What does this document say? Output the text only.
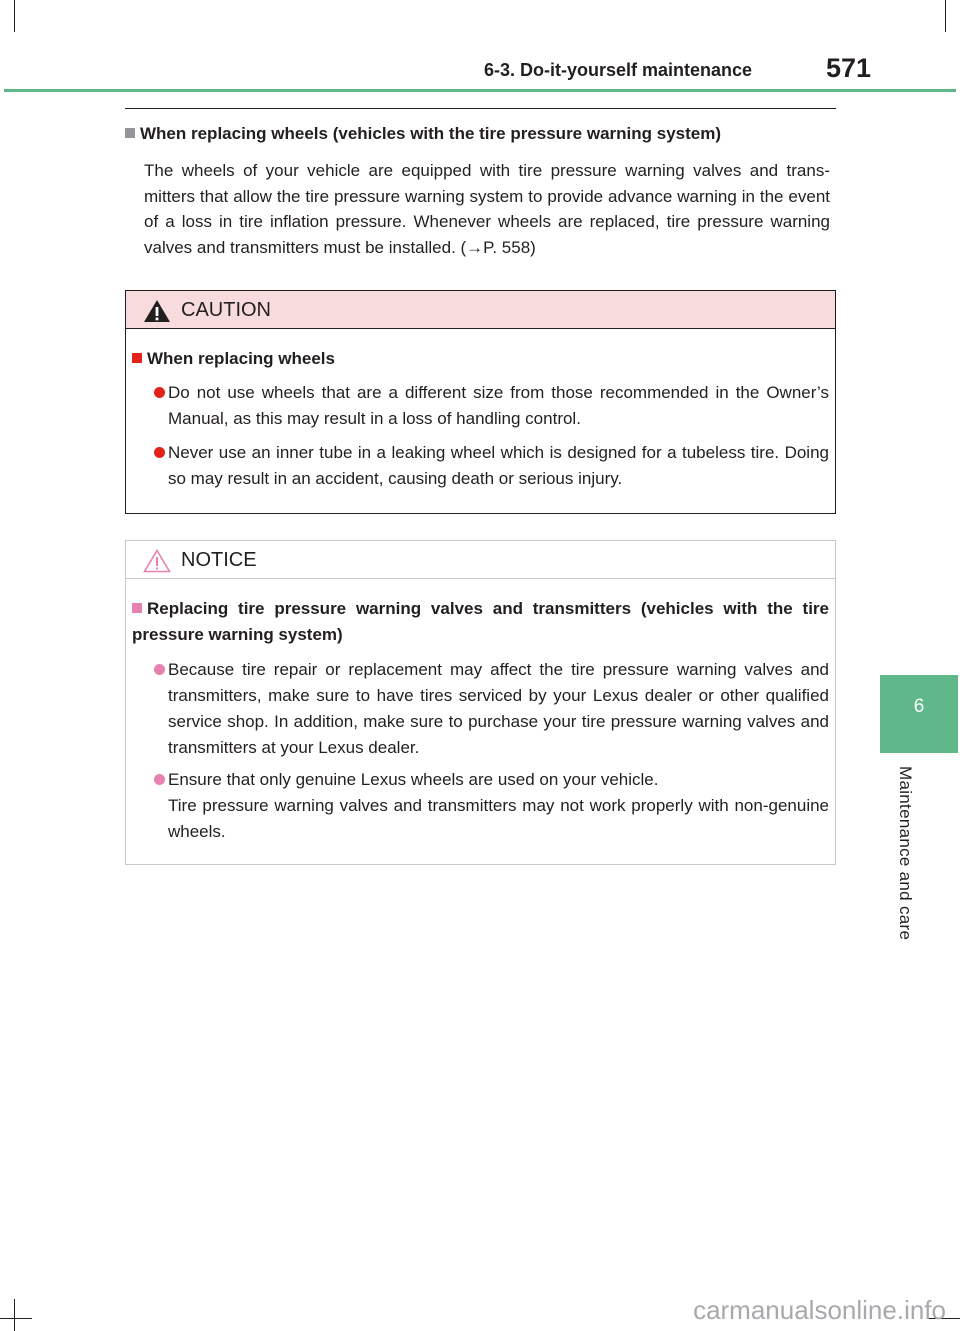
6-3. Do-it-yourself maintenance	571
6
Maintenance and care
When replacing wheels (vehicles with the tire pressure warning system)
The wheels of your vehicle are equipped with tire pressure warning valves and trans-mitters that allow the tire pressure warning system to provide advance warning in the event of a loss in tire inflation pressure. Whenever wheels are replaced, tire pressure warning valves and transmitters must be installed. (→P. 558)
CAUTION
When replacing wheels
Do not use wheels that are a different size from those recommended in the Owner’s Manual, as this may result in a loss of handling control.
Never use an inner tube in a leaking wheel which is designed for a tubeless tire. Doing so may result in an accident, causing death or serious injury.
NOTICE
Replacing tire pressure warning valves and transmitters (vehicles with the tire pressure warning system)
Because tire repair or replacement may affect the tire pressure warning valves and transmitters, make sure to have tires serviced by your Lexus dealer or other qualified service shop. In addition, make sure to purchase your tire pressure warning valves and transmitters at your Lexus dealer.
Ensure that only genuine Lexus wheels are used on your vehicle.
Tire pressure warning valves and transmitters may not work properly with non-genuine wheels.
carmanualsonline.info
